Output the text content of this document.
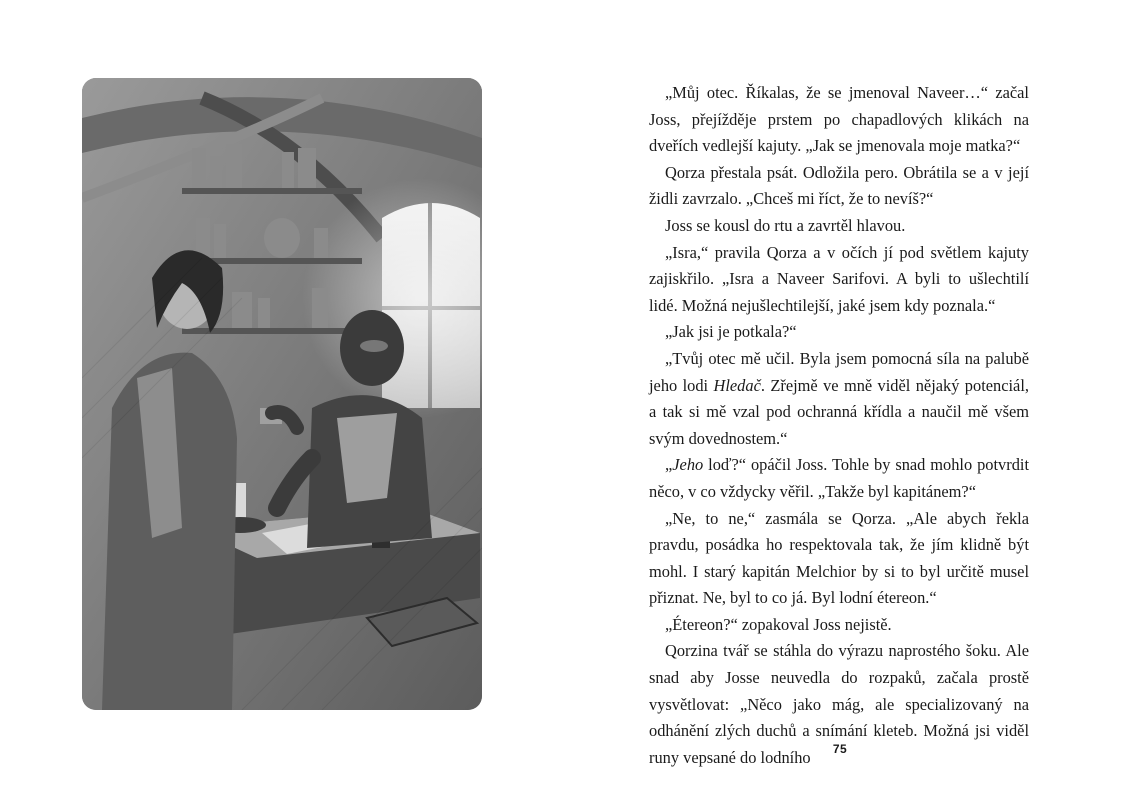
„Můj otec. Říkalas, že se jmenoval Naveer…“ začal Joss, přejížděje prstem po chapadlových klikách na dveřích vedlejší kajuty. „Jak se jmenovala moje matka?“

Qorza přestala psát. Odložila pero. Obrátila se a v její židli zavrzalo. „Chceš mi říct, že to nevíš?“

Joss se kousl do rtu a zavrtěl hlavou.

„Isra,“ pravila Qorza a v očích jí pod světlem kajuty zajiskřilo. „Isra a Naveer Sarifovi. A byli to ušlechtilí lidé. Možná nejušlechtilejší, jaké jsem kdy poznala.“

„Jak jsi je potkala?“

„Tvůj otec mě učil. Byla jsem pomocná síla na palubě jeho lodi Hledač. Zřejmě ve mně viděl nějaký potenciál, a tak si mě vzal pod ochranná křídla a naučil mě všem svým dovednostem.“

„Jeho loď?“ opáčil Joss. Tohle by snad mohlo potvrdit něco, v co vždycky věřil. „Takže byl kapitánem?“

„Ne, to ne,“ zasmála se Qorza. „Ale abych řekla pravdu, posádka ho respektovala tak, že jím klidně být mohl. I starý kapitán Melchior by si to byl určitě musel přiznat. Ne, byl to co já. Byl lodní étereon.“

„Étereon?“ zopakoval Joss nejistě.

Qorzina tvář se stáhla do výrazu naprostého šoku. Ale snad aby Josse neuvedla do rozpaků, začala prostě vysvětlovat: „Něco jako mág, ale specializovaný na odhánění zlých duchů a snímání kleteb. Možná jsi viděl runy vepsané do lodního	75
